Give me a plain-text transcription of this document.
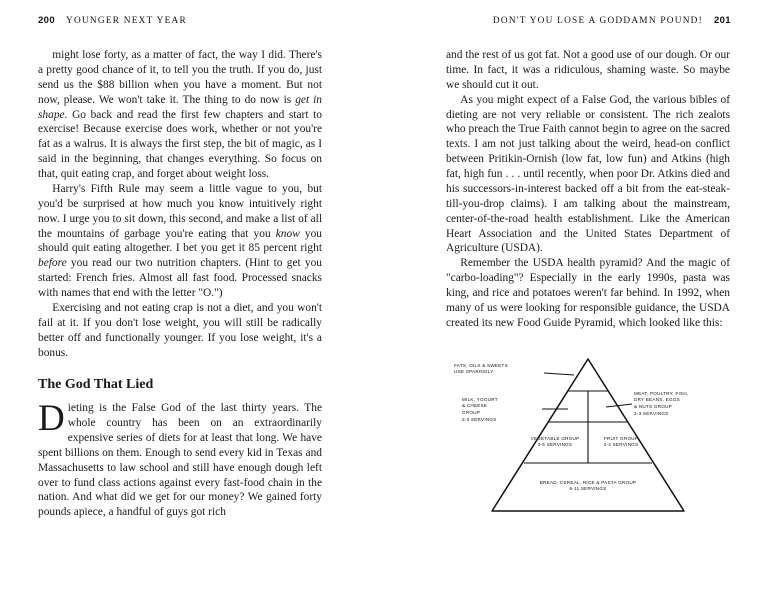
200 YOUNGER NEXT YEAR	DON'T YOU LOSE A GODDAMN POUND! 201

might lose forty, as a matter of fact, the way I did. There's a pretty good chance of it, to tell you the truth. If you do, just send us the $88 billion when you have a moment. But not now, please. We won't take it. The thing to do now is get in shape. Go back and read the first few chapters and start to exercise! Because exercise does work, whether or not you're fat as a walrus. It is always the first step, the bit of magic, as I said in the beginning, that changes everything. So focus on that, quit eating crap, and forget about weight loss.

Harry's Fifth Rule may seem a little vague to you, but you'd be surprised at how much you know intuitively right now. I urge you to sit down, this second, and make a list of all the mountains of garbage you're eating that you know you should quit eating altogether. I bet you get it 85 percent right before you read our two nutrition chapters. (Hint to get you started: French fries. Almost all fast food. Processed snacks with names that end with the letter "O.")

Exercising and not eating crap is not a diet, and you won't fail at it. If you don't lose weight, you will still be radically better off and functionally younger. If you lose weight, it's a bonus.

The God That Lied

Dieting is the False God of the last thirty years. The whole country has been on an extraordinarily expensive series of diets for at least that long. We have spent billions on them. Enough to send every kid in Texas and Massachusetts to law school and still have enough dough left over to fund class actions against every fast-food chain in the nation. And what did we get for our money? We gained forty pounds apiece, a handful of guys got rich

and the rest of us got fat. Not a good use of our dough. Or our time. In fact, it was a ridiculous, shaming waste. So maybe we should cut it out.

As you might expect of a False God, the various bibles of dieting are not very reliable or consistent. The rich zealots who preach the True Faith cannot begin to agree on the sacred texts. I am not just talking about the weird, head-on conflict between Pritikin-Ornish (low fat, low fun) and Atkins (high fat, high fun . . . until recently, when poor Dr. Atkins died and his successors-in-interest backed off a bit from the eat-steak-till-you-drop claims). I am talking about the mainstream, center-of-the-road health establishment. Like the American Heart Association and the United States Department of Agriculture (USDA).

Remember the USDA health pyramid? And the magic of "carbo-loading"? Especially in the early 1990s, pasta was king, and rice and potatoes weren't far behind. In 1992, when many of us were looking for responsible guidance, the USDA created its new Food Guide Pyramid, which looked like this:

FATS, OILS & SWEETS
USE SPARINGLY
MEAT, POULTRY, FISH,
DRY BEANS, EGGS
& NUTS GROUP
2-3 SERVINGS
MILK, YOGURT
& CHEESE
GROUP
2-3 SERVINGS
VEGETABLE GROUP
3-5 SERVINGS
FRUIT GROUP
2-4 SERVINGS
BREAD, CEREAL, RICE & PASTA GROUP
6-11 SERVINGS
